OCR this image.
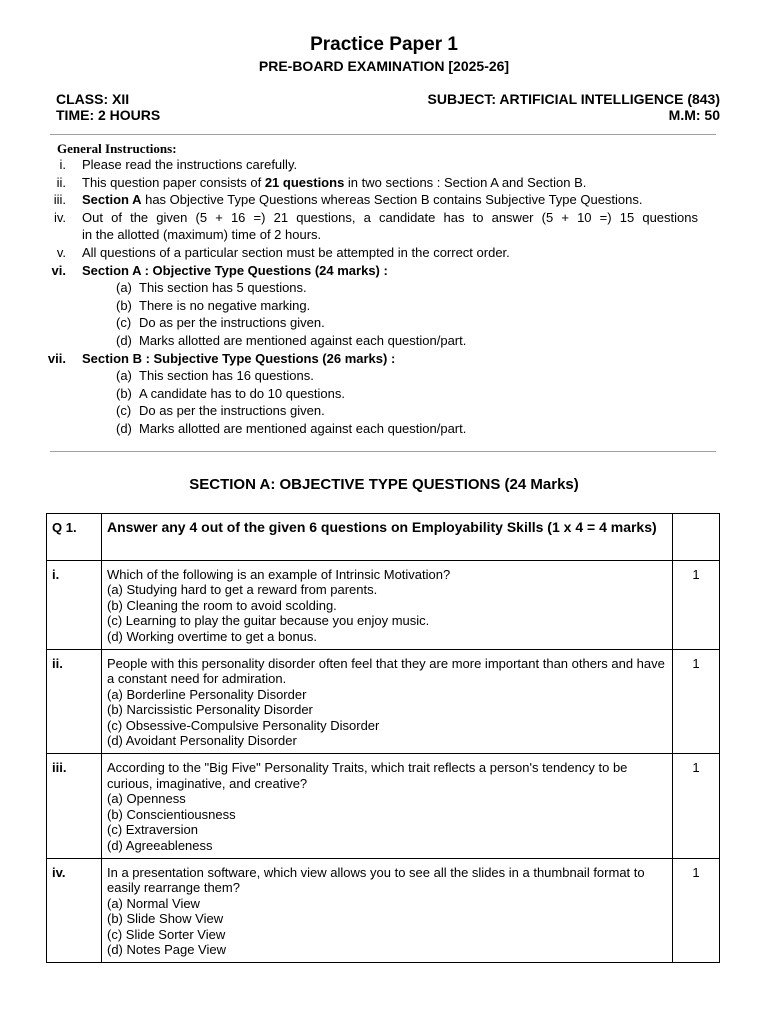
Practice Paper 1
PRE-BOARD EXAMINATION [2025-26]
CLASS: XII	SUBJECT: ARTIFICIAL INTELLIGENCE (843)
TIME: 2 HOURS	M.M: 50
General Instructions:
i.	Please read the instructions carefully.
ii.	This question paper consists of 21 questions in two sections : Section A and Section B.
iii.	Section A has Objective Type Questions whereas Section B contains Subjective Type Questions.
iv.	Out of the given (5 + 16 =) 21 questions, a candidate has to answer (5 + 10 =) 15 questions
in the allotted (maximum) time of 2 hours.
v.	All questions of a particular section must be attempted in the correct order.
vi.	Section A : Objective Type Questions (24 marks) :
(a) This section has 5 questions.
(b) There is no negative marking.
(c) Do as per the instructions given.
(d) Marks allotted are mentioned against each question/part.
vii.	Section B : Subjective Type Questions (26 marks) :
(a) This section has 16 questions.
(b) A candidate has to do 10 questions.
(c) Do as per the instructions given.
(d) Marks allotted are mentioned against each question/part.
SECTION A: OBJECTIVE TYPE QUESTIONS (24 Marks)
Q 1.	Answer any 4 out of the given 6 questions on Employability Skills (1 x 4 = 4 marks)	
i.	Which of the following is an example of Intrinsic Motivation?
(a) Studying hard to get a reward from parents.
(b) Cleaning the room to avoid scolding.
(c) Learning to play the guitar because you enjoy music.
(d) Working overtime to get a bonus.	1
ii.	People with this personality disorder often feel that they are more important than others and have a constant need for admiration.
(a) Borderline Personality Disorder
(b) Narcissistic Personality Disorder
(c) Obsessive-Compulsive Personality Disorder
(d) Avoidant Personality Disorder	1
iii.	According to the "Big Five" Personality Traits, which trait reflects a person's tendency to be curious, imaginative, and creative?
(a) Openness
(b) Conscientiousness
(c) Extraversion
(d) Agreeableness	1
iv.	In a presentation software, which view allows you to see all the slides in a thumbnail format to easily rearrange them?
(a) Normal View
(b) Slide Show View
(c) Slide Sorter View
(d) Notes Page View	1
